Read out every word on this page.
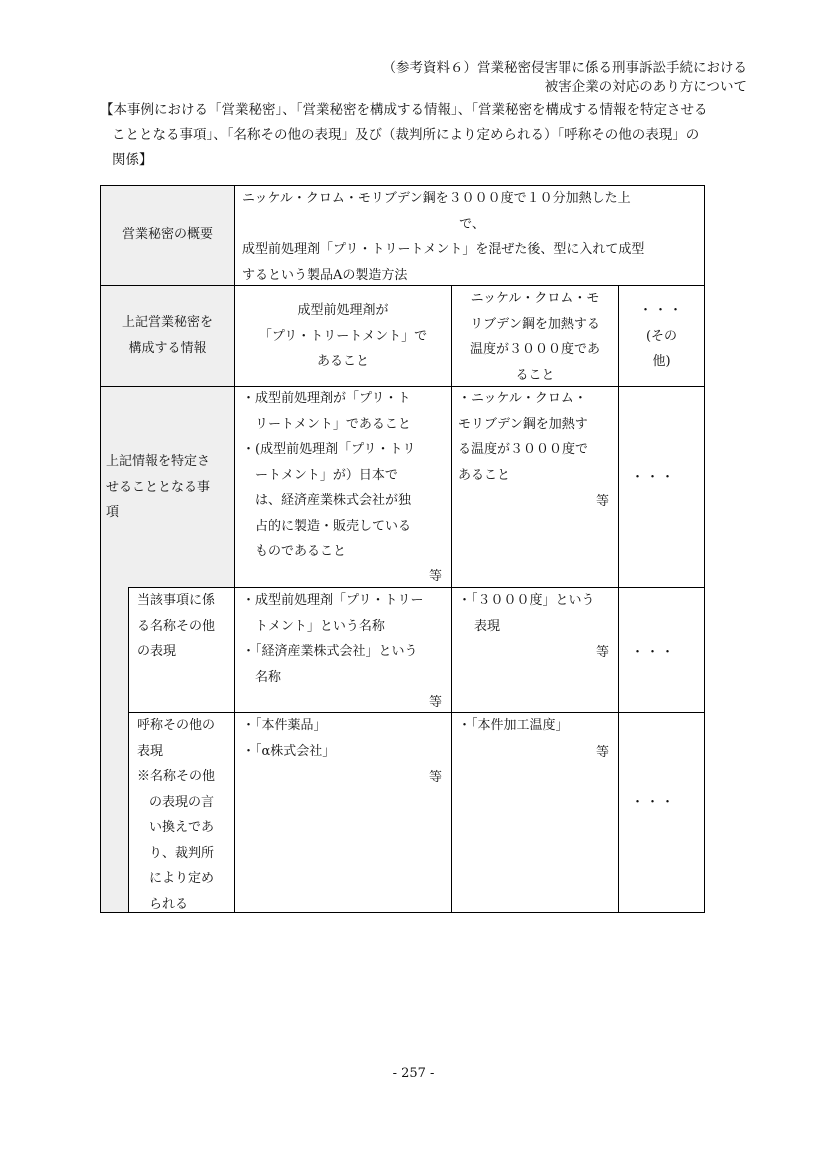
（参考資料６）営業秘密侵害罪に係る刑事訴訟手続における
被害企業の対応のあり方について
【本事例における「営業秘密」、「営業秘密を構成する情報」、「営業秘密を構成する情報を特定させる
こととなる事項」、「名称その他の表現」及び（裁判所により定められる）「呼称その他の表現」の
関係】
営業秘密の概要
ニッケル・クロム・モリブデン鋼を３０００度で１０分加熱した上
で、
成型前処理剤「プリ・トリートメント」を混ぜた後、型に入れて成型
するという製品Aの製造方法
上記営業秘密を
構成する情報
成型前処理剤が
「プリ・トリートメント」で
あること
ニッケル・クロム・モ
リブデン鋼を加熱する
温度が３０００度であ
ること
・・・
(その
他)
上記情報を特定さ
せることとなる事
項
・成型前処理剤が「プリ・ト
リートメント」であること
・(成型前処理剤「プリ・トリ
ートメント」が）日本で
は、経済産業株式会社が独
占的に製造・販売している
ものであること
等
・ニッケル・クロム・
モリブデン鋼を加熱す
る温度が３０００度で
あること
等
・・・
当該事項に係
る名称その他
の表現
・成型前処理剤「プリ・トリー
トメント」という名称
・「経済産業株式会社」という
名称
等
・「３０００度」という
表現
等 ・・・
呼称その他の
表現
※名称その他
の表現の言
い換えであ
り、裁判所
により定め
られる
・「本件薬品」
・「α株式会社」
等
・「本件加工温度」
等
・・・
- 257 -
